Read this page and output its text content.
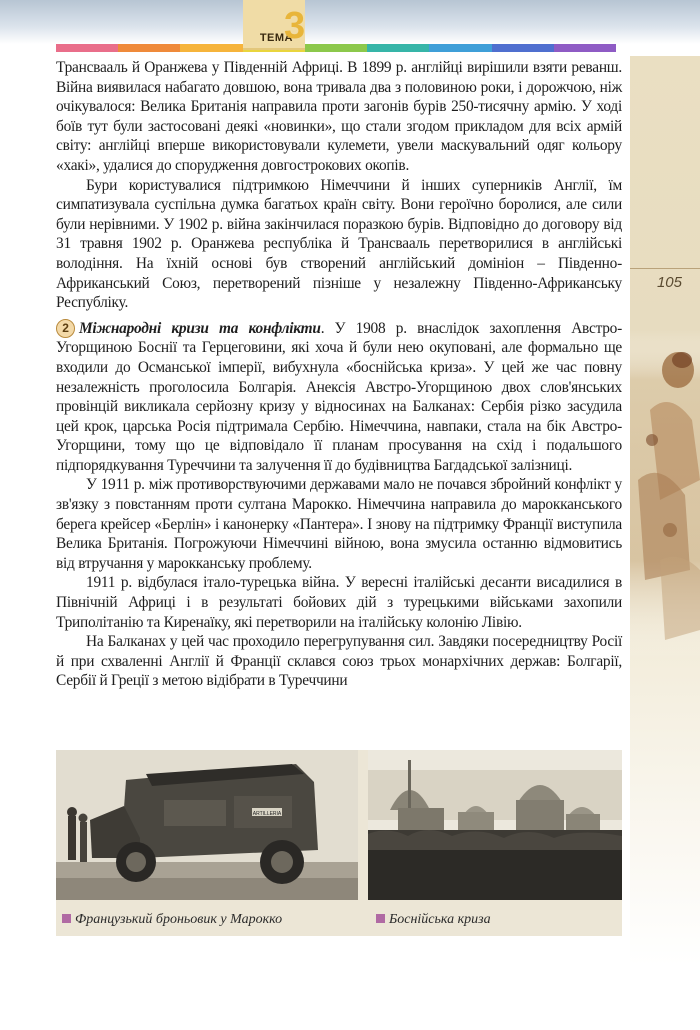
ТЕМА
3
105

Трансвааль й Оранжева у Південній Африці. В 1899 р. англійці вирішили взяти реванш. Війна виявилася набагато довшою, вона тривала два з половиною роки, і дорожчою, ніж очікувалося: Велика Британія направила проти загонів бурів 250-тисячну армію. У ході боїв тут були застосовані деякі «новинки», що стали згодом прикладом для всіх армій світу: англійці вперше використовували кулемети, увели маскувальний одяг кольору «хакі», удалися до спорудження довгострокових окопів.

Бури користувалися підтримкою Німеччини й інших суперників Англії, їм симпатизувала суспільна думка багатьох країн світу. Вони героїчно боролися, але сили були нерівними. У 1902 р. війна закінчилася поразкою бурів. Відповідно до договору від 31 травня 1902 р. Оранжева республіка й Трансвааль перетворилися в англійські володіння. На їхній основі був створений англійський домініон – Південно-Африканський Союз, перетворений пізніше у незалежну Південно-Африканську Республіку.

2 Міжнародні кризи та конфлікти. У 1908 р. внаслідок захоплення Австро-Угорщиною Боснії та Герцеговини, які хоча й були нею окуповані, але формально ще входили до Османської імперії, вибухнула «боснійська криза». У цей же час повну незалежність проголосила Болгарія. Анексія Австро-Угорщиною двох слов'янських провінцій викликала серйозну кризу у відносинах на Балканах: Сербія різко засудила цей крок, царська Росія підтримала Сербію. Німеччина, навпаки, стала на бік Австро-Угорщини, тому що це відповідало її планам просування на схід і подальшого підпорядкування Туреччини та залучення її до будівництва Багдадської залізниці.

У 1911 р. між противорствуючими державами мало не почався збройний конфлікт у зв'язку з повстанням проти султана Марокко. Німеччина направила до марокканського берега крейсер «Берлін» і канонерку «Пантера». І знову на підтримку Франції виступила Велика Британія. Погрожуючи Німеччині війною, вона змусила останню відмовитись від втручання у марокканську проблему.

1911 р. відбулася італо-турецька війна. У вересні італійські десанти висадилися в Північній Африці і в результаті бойових дій з турецькими військами захопили Триполітанію та Киренаїку, які перетворили на італійську колонію Лівію.

На Балканах у цей час проходило перегрупування сил. Завдяки посередництву Росії й при схваленні Англії й Франції склався союз трьох монархічних держав: Болгарії, Сербії й Греції з метою відібрати в Туреччини

ARTILLERIA
Французький броньовик у Марокко	Боснійська криза
